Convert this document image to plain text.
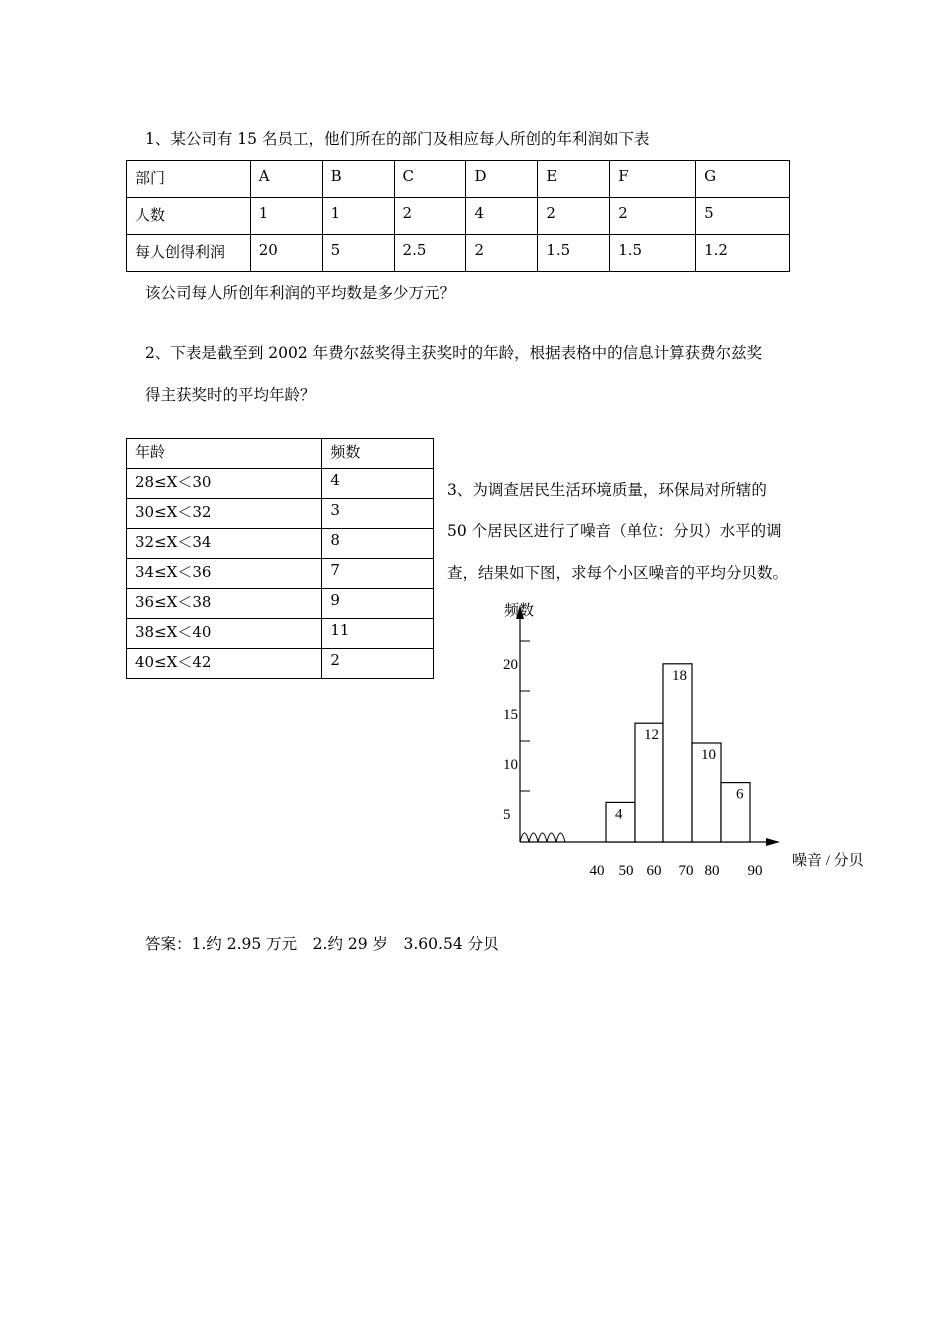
1、某公司有 15 名员工，他们所在的部门及相应每人所创的年利润如下表
部门	A	B	C	D	E	F	G
人数	1	1	2	4	2	2	5
每人创得利润	20	5	2.5	2	1.5	1.5	1.2
该公司每人所创年利润的平均数是多少万元？
2、下表是截至到 2002 年费尔兹奖得主获奖时的年龄，根据表格中的信息计算获费尔兹奖
得主获奖时的平均年龄？
年龄	频数
28≤X＜30	4
30≤X＜32	3
32≤X＜34	8
34≤X＜36	7
36≤X＜38	9
38≤X＜40	11
40≤X＜42	2
3、为调查居民生活环境质量，环保局对所辖的
50 个居民区进行了噪音（单位：分贝）水平的调
查，结果如下图，求每个小区噪音的平均分贝数。
5
10
15
20
4
12
18
10
6
40 50 60 70 80 90
频数
噪音 / 分贝
答案：1.约 2.95 万元　2.约 29 岁　3.60.54 分贝
